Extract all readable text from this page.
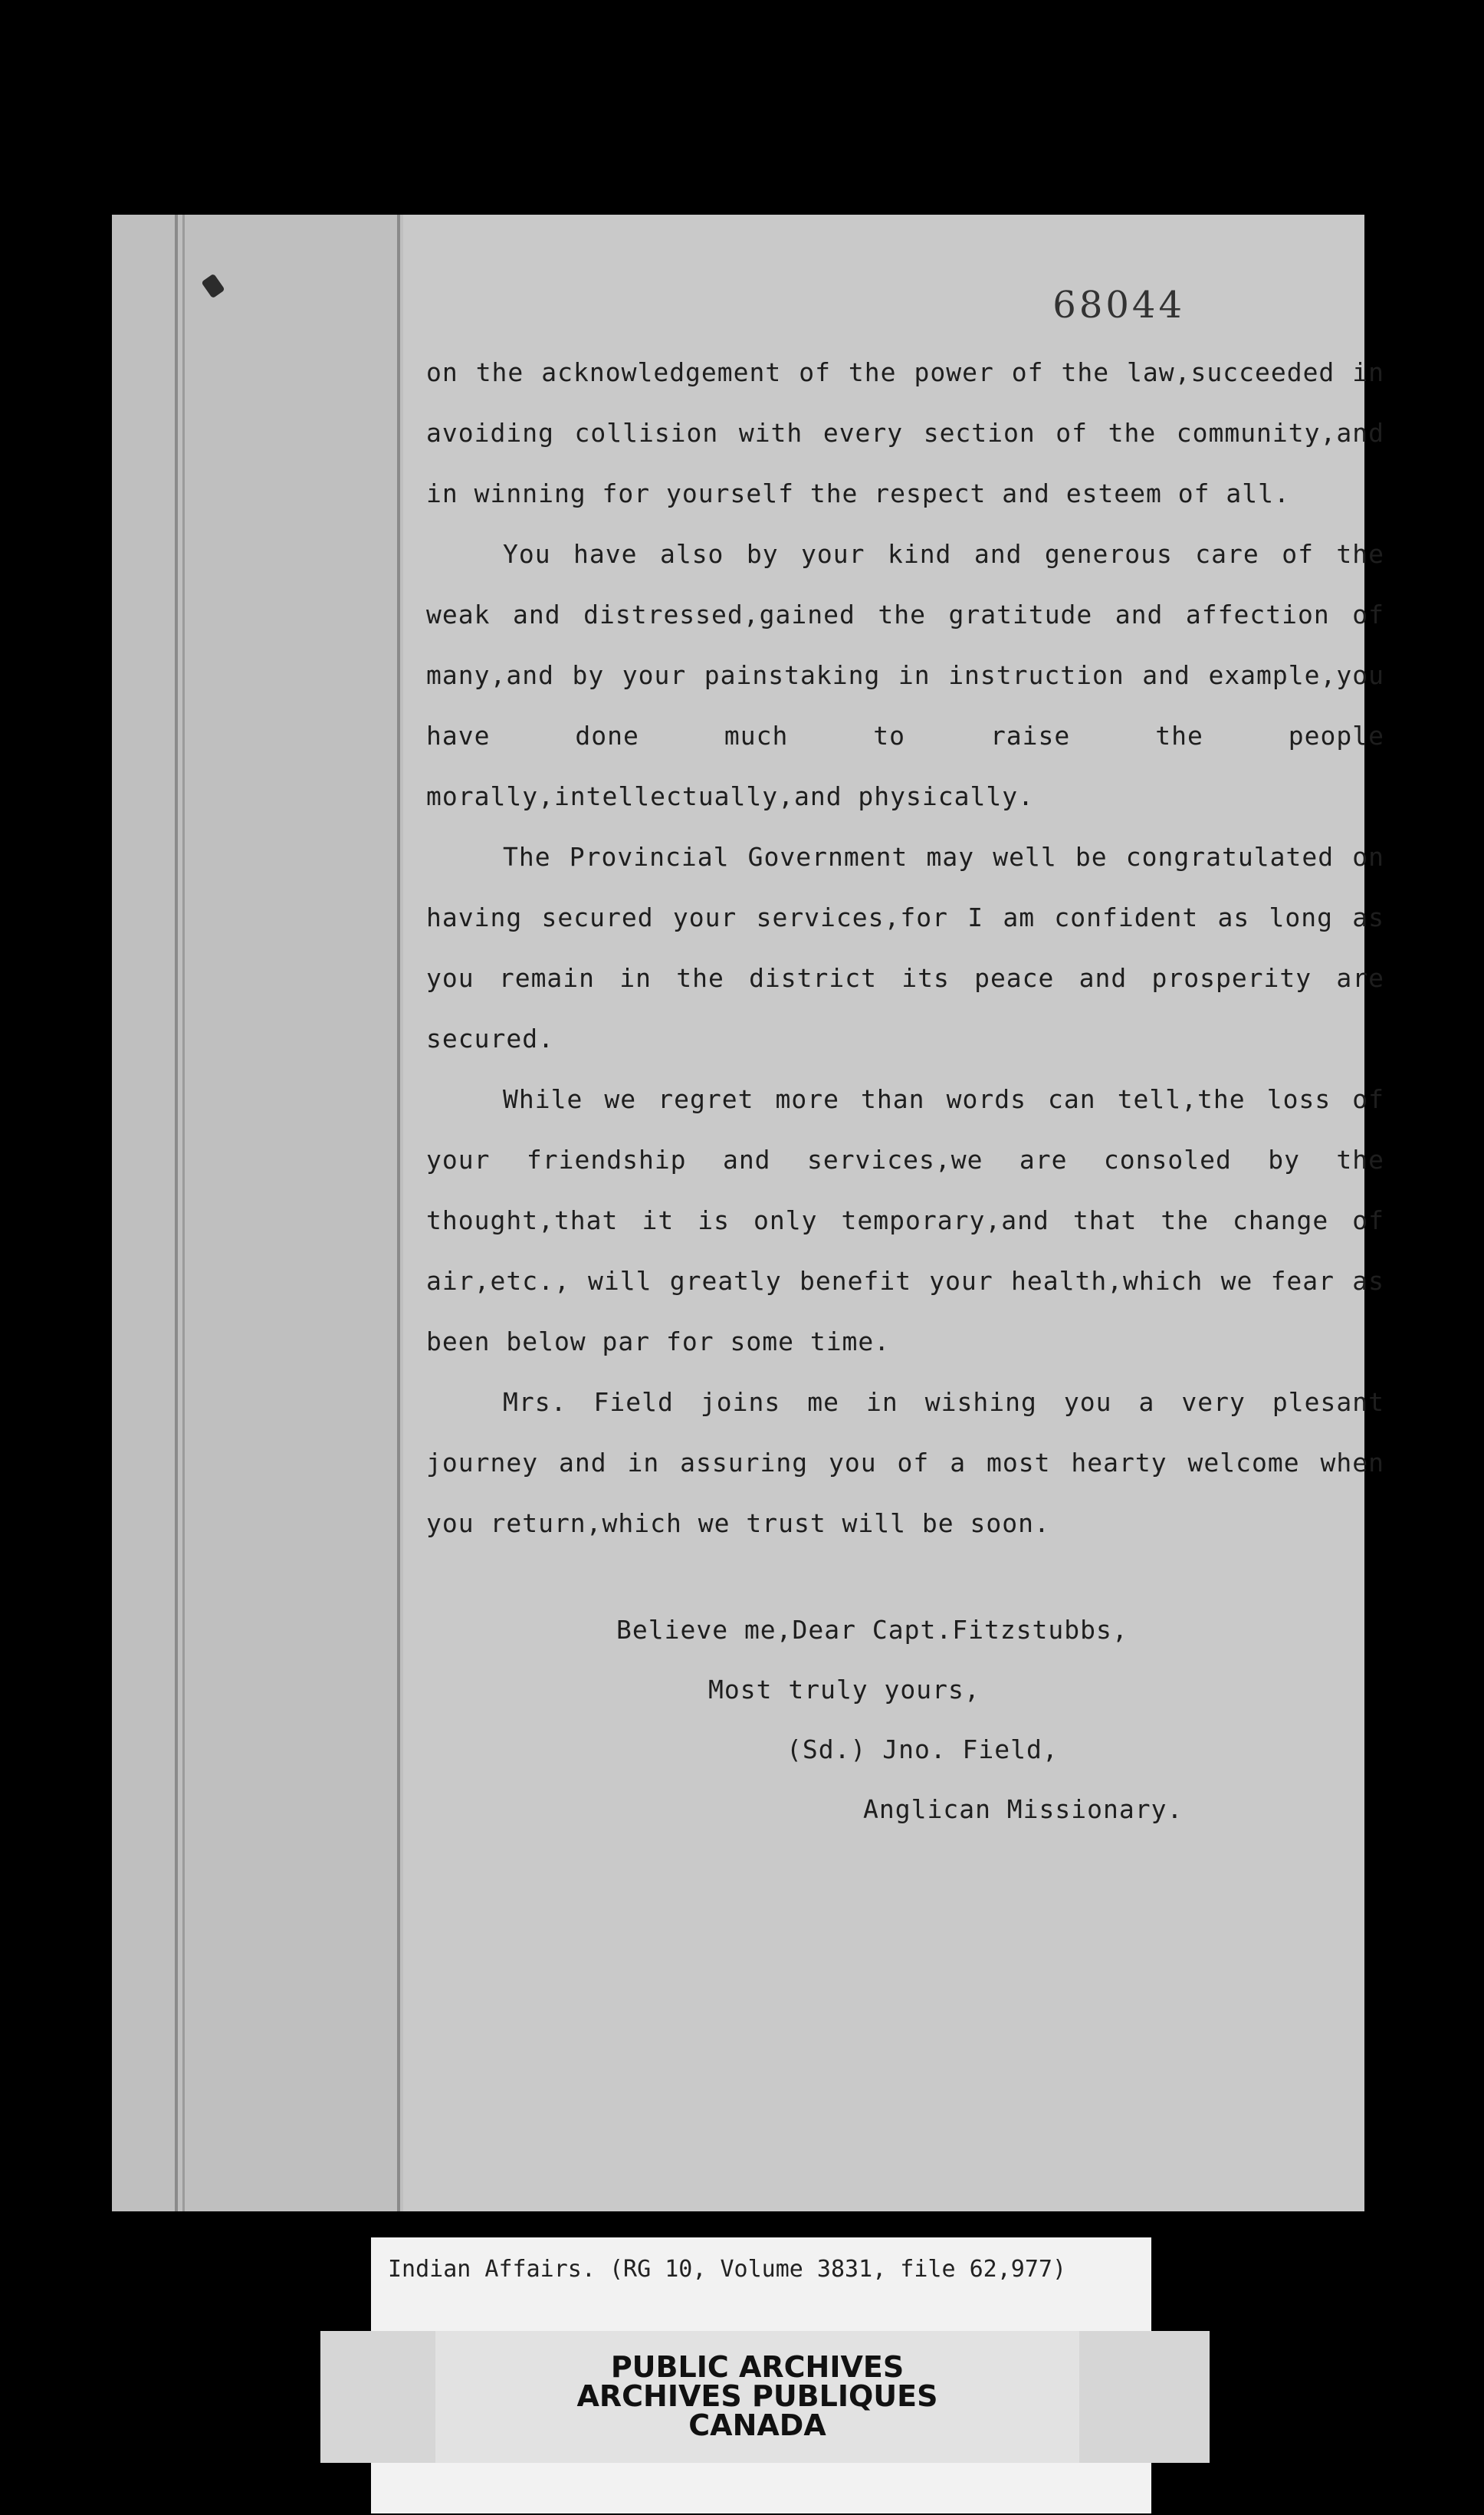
68044

on the acknowledgement of the power of the law,succeeded in avoiding collision with every section of the community,and in winning for yourself the respect and esteem of all.

You have also by your kind and generous care of the weak and distressed,gained the gratitude and affection of many,and by your painstaking in instruction and example,you have done much to raise the people morally,intellectually,and physically.

The Provincial Government may well be congratulated on having secured your services,for I am confident as long as you remain in the district its peace and prosperity are secured.

While we regret more than words can tell,the loss of your friendship and services,we are consoled by the thought,that it is only temporary,and that the change of air,etc., will greatly benefit your health,which we fear as been below par for some time.

Mrs. Field joins me in wishing you a very plesant journey and in assuring you of a most hearty welcome when you return,which we trust will be soon.

Believe me,Dear Capt.Fitzstubbs,
Most truly yours,
(Sd.) Jno. Field,
Anglican Missionary.
Indian Affairs. (RG 10, Volume 3831, file 62,977)
PUBLIC ARCHIVES
ARCHIVES PUBLIQUES
CANADA
